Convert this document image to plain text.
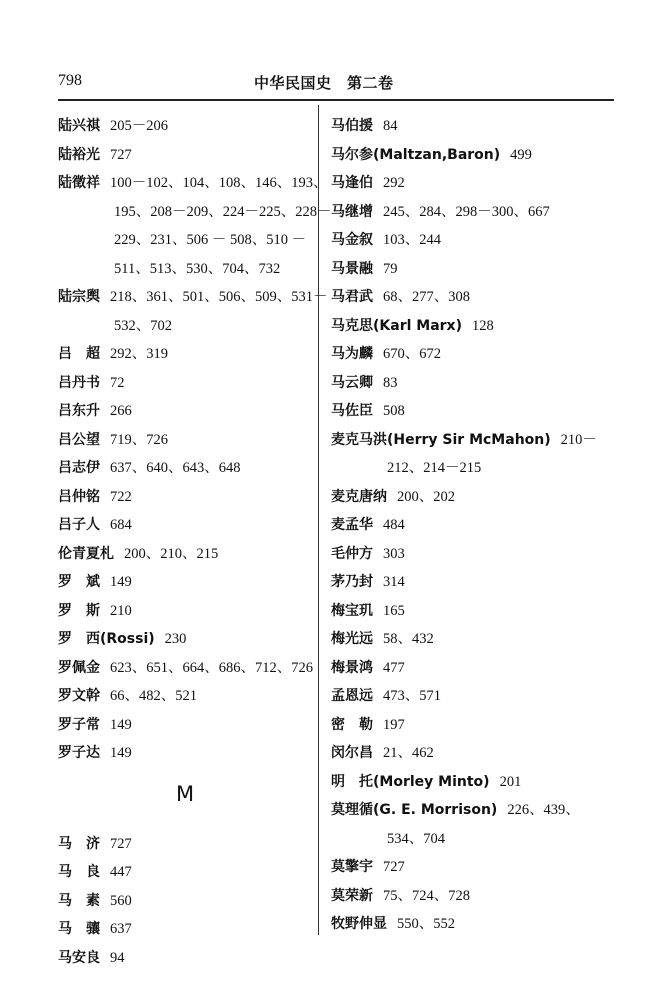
798	中华民国史　第二卷
陆兴祺 205－206
陆裕光 727
陆徵祥 100－102、104、108、146、193、
195、208－209、224－225、228－
229、231、506 － 508、510 －
511、513、530、704、732
陆宗舆 218、361、501、506、509、531－
532、702
吕　超 292、319
吕丹书 72
吕东升 266
吕公望 719、726
吕志伊 637、640、643、648
吕仲铭 722
吕子人 684
伦青夏札 200、210、215
罗　斌 149
罗　斯 210
罗　西(Rossi) 230
罗佩金 623、651、664、686、712、726
罗文幹 66、482、521
罗子常 149
罗子达 149
M
马　济 727
马　良 447
马　素 560
马　骧 637
马安良 94
马伯援 84
马尔参(Maltzan,Baron) 499
马逢伯 292
马继增 245、284、298－300、667
马金叙 103、244
马景融 79
马君武 68、277、308
马克思(Karl Marx) 128
马为麟 670、672
马云卿 83
马佐臣 508
麦克马洪(Herry Sir McMahon) 210－
212、214－215
麦克唐纳 200、202
麦孟华 484
毛仲方 303
茅乃封 314
梅宝玑 165
梅光远 58、432
梅景鸿 477
孟恩远 473、571
密　勒 197
闵尔昌 21、462
明　托(Morley Minto) 201
莫理循(G. E. Morrison) 226、439、
534、704
莫擎宇 727
莫荣新 75、724、728
牧野伸显 550、552
